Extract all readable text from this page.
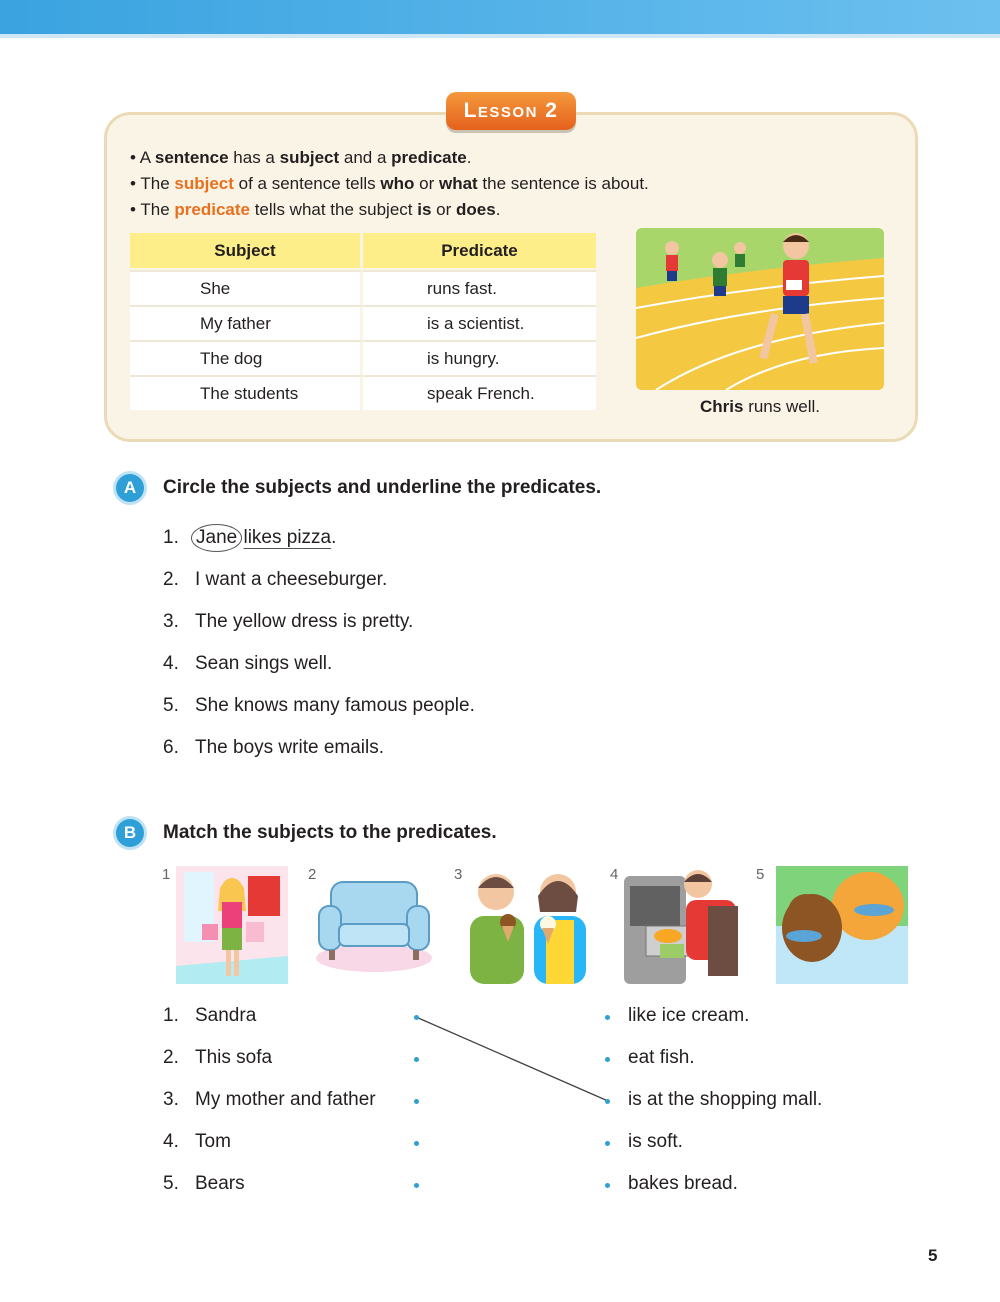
Lesson 2
• A sentence has a subject and a predicate.
• The subject of a sentence tells who or what the sentence is about.
• The predicate tells what the subject is or does.
Subject	Predicate
She	runs fast.
My father	is a scientist.
The dog	is hungry.
The students	speak French.
Chris runs well.
A	Circle the subjects and underline the predicates.
1. Jane likes pizza.
2. I want a cheeseburger.
3. The yellow dress is pretty.
4. Sean sings well.
5. She knows many famous people.
6. The boys write emails.
B	Match the subjects to the predicates.
1	2	3	4	5
1. Sandra
2. This sofa
3. My mother and father
4. Tom
5. Bears
like ice cream.
eat fish.
is at the shopping mall.
is soft.
bakes bread.
5
